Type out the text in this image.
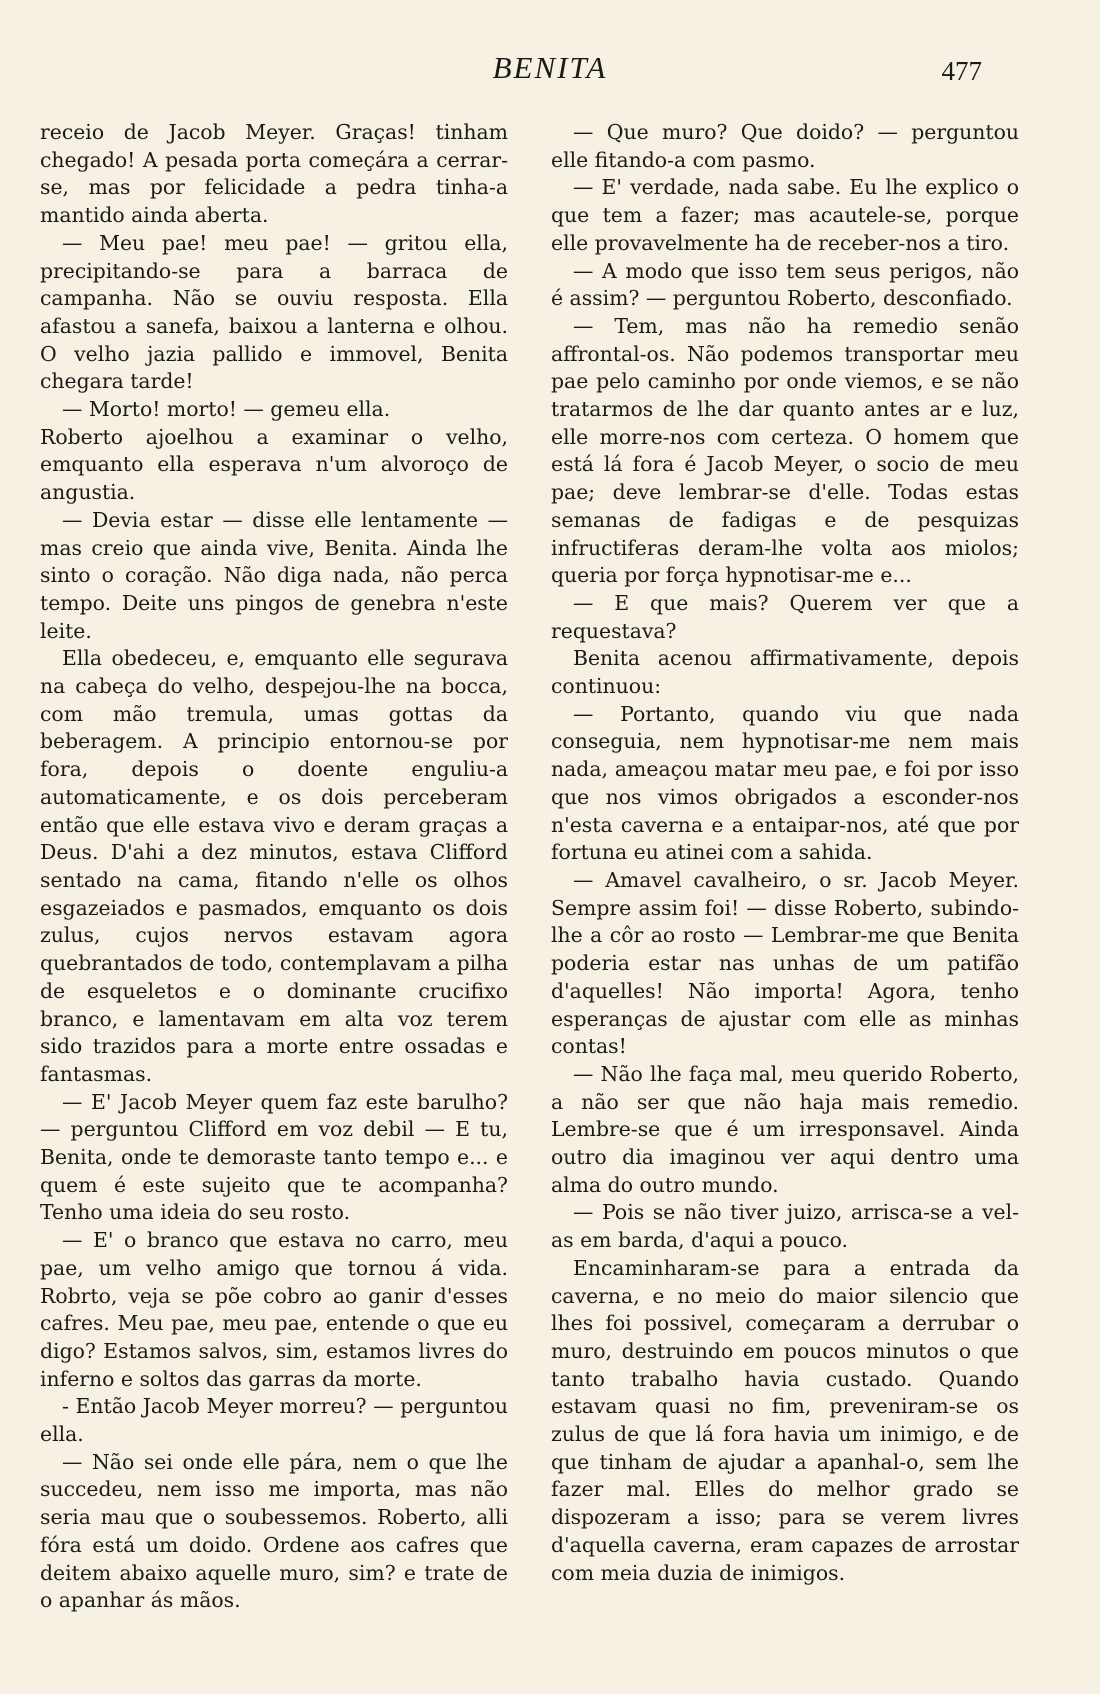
BENITA	477

receio de Jacob Meyer. Graças! tinham chegado! A pesada porta começára a cerrar-se, mas por felicidade a pedra tinha-a mantido ainda aberta.

— Meu pae! meu pae! — gritou ella, precipitando-se para a barraca de campanha. Não se ouviu resposta. Ella afastou a sanefa, baixou a lanterna e olhou. O velho jazia pallido e immovel, Benita chegara tarde!

— Morto! morto! — gemeu ella.

Roberto ajoelhou a examinar o velho, emquanto ella esperava n'um alvoroço de angustia.

— Devia estar — disse elle lentamente — mas creio que ainda vive, Benita. Ainda lhe sinto o coração. Não diga nada, não perca tempo. Deite uns pingos de genebra n'este leite.

Ella obedeceu, e, emquanto elle segurava na cabeça do velho, despejou-lhe na bocca, com mão tremula, umas gottas da beberagem. A principio entornou-se por fora, depois o doente enguliu-a automaticamente, e os dois perceberam então que elle estava vivo e deram graças a Deus. D'ahi a dez minutos, estava Clifford sentado na cama, fitando n'elle os olhos esgazeiados e pasmados, emquanto os dois zulus, cujos nervos estavam agora quebrantados de todo, contemplavam a pilha de esqueletos e o dominante crucifixo branco, e lamentavam em alta voz terem sido trazidos para a morte entre ossadas e fantasmas.

— E' Jacob Meyer quem faz este barulho? — perguntou Clifford em voz debil — E tu, Benita, onde te demoraste tanto tempo e... e quem é este sujeito que te acompanha? Tenho uma ideia do seu rosto.

— E' o branco que estava no carro, meu pae, um velho amigo que tornou á vida. Robrto, veja se põe cobro ao ganir d'esses cafres. Meu pae, meu pae, entende o que eu digo? Estamos salvos, sim, estamos livres do inferno e soltos das garras da morte.

- Então Jacob Meyer morreu? — perguntou ella.

— Não sei onde elle pára, nem o que lhe succedeu, nem isso me importa, mas não seria mau que o soubessemos. Roberto, alli fóra está um doido. Ordene aos cafres que deitem abaixo aquelle muro, sim? e trate de o apanhar ás mãos.

— Que muro? Que doido? — perguntou elle fitando-a com pasmo.

— E' verdade, nada sabe. Eu lhe explico o que tem a fazer; mas acautele-se, porque elle provavelmente ha de receber-nos a tiro.

— A modo que isso tem seus perigos, não é assim? — perguntou Roberto, desconfiado.

— Tem, mas não ha remedio senão affrontal-os. Não podemos transportar meu pae pelo caminho por onde viemos, e se não tratarmos de lhe dar quanto antes ar e luz, elle morre-nos com certeza. O homem que está lá fora é Jacob Meyer, o socio de meu pae; deve lembrar-se d'elle. Todas estas semanas de fadigas e de pesquizas infructiferas deram-lhe volta aos miolos; queria por força hypnotisar-me e...

— E que mais? Querem ver que a requestava?

Benita acenou affirmativamente, depois continuou:

— Portanto, quando viu que nada conseguia, nem hypnotisar-me nem mais nada, ameaçou matar meu pae, e foi por isso que nos vimos obrigados a esconder-nos n'esta caverna e a entaipar-nos, até que por fortuna eu atinei com a sahida.

— Amavel cavalheiro, o sr. Jacob Meyer. Sempre assim foi! — disse Roberto, subindo-lhe a côr ao rosto — Lembrar-me que Benita poderia estar nas unhas de um patifão d'aquelles! Não importa! Agora, tenho esperanças de ajustar com elle as minhas contas!

— Não lhe faça mal, meu querido Roberto, a não ser que não haja mais remedio. Lembre-se que é um irresponsavel. Ainda outro dia imaginou ver aqui dentro uma alma do outro mundo.

— Pois se não tiver juizo, arrisca-se a vel-as em barda, d'aqui a pouco.

Encaminharam-se para a entrada da caverna, e no meio do maior silencio que lhes foi possivel, começaram a derrubar o muro, destruindo em poucos minutos o que tanto trabalho havia custado. Quando estavam quasi no fim, preveniram-se os zulus de que lá fora havia um inimigo, e de que tinham de ajudar a apanhal-o, sem lhe fazer mal. Elles do melhor grado se dispozeram a isso; para se verem livres d'aquella caverna, eram capazes de arrostar com meia duzia de inimigos.
